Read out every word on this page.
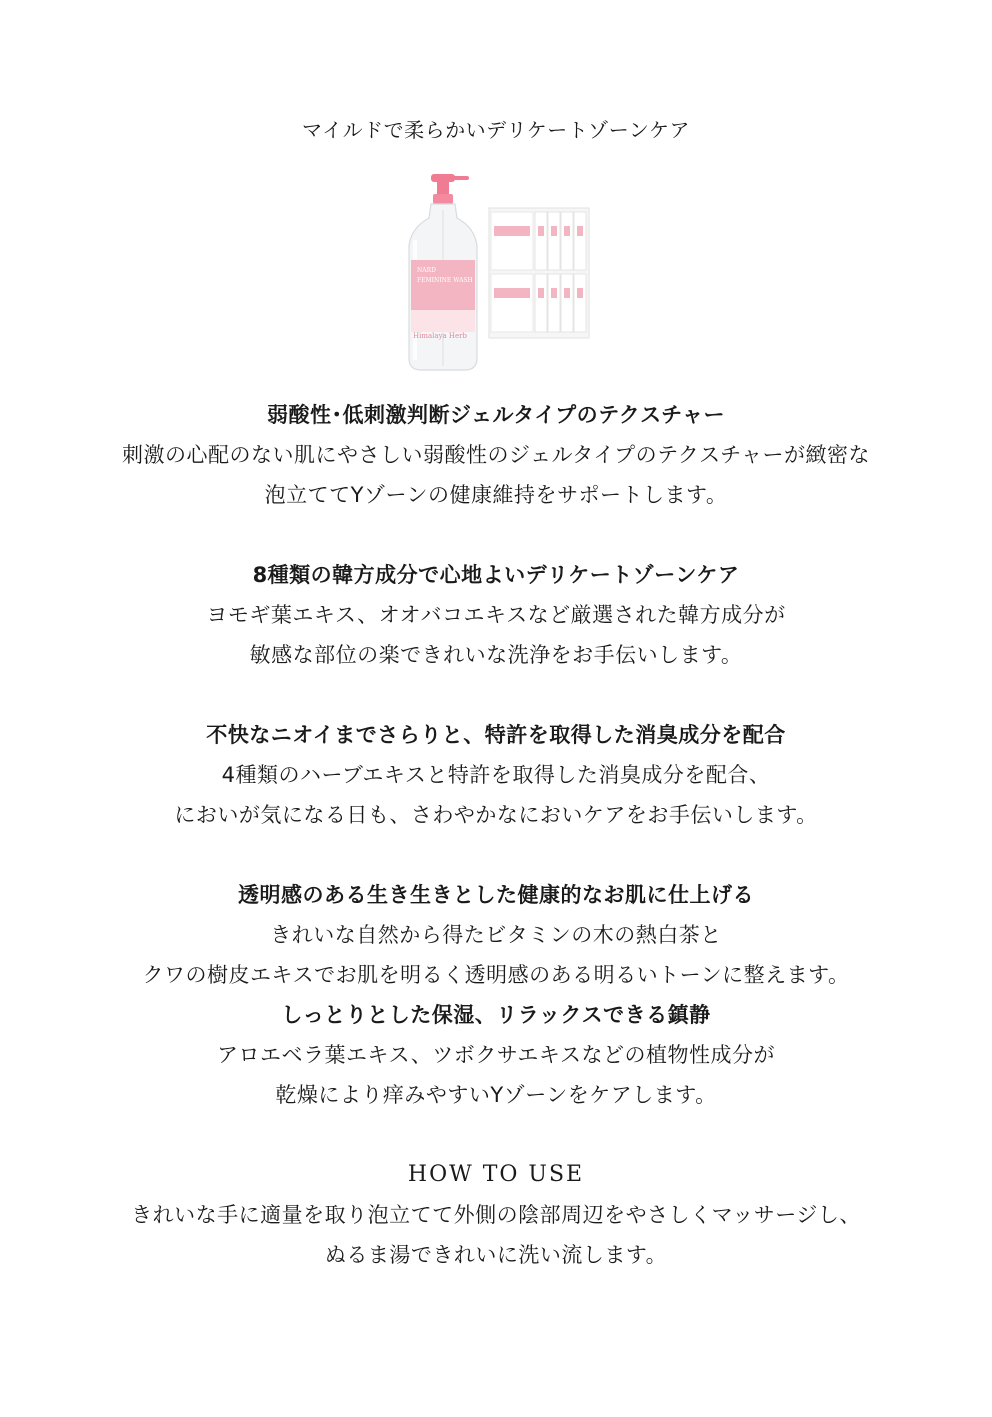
マイルドで柔らかいデリケートゾーンケア
NARD
FEMININE WASH
Himalaya Herb
弱酸性･低刺激判断ジェルタイプのテクスチャー
刺激の心配のない肌にやさしい弱酸性のジェルタイプのテクスチャーが緻密な
泡立ててYゾーンの健康維持をサポートします。
8種類の韓方成分で心地よいデリケートゾーンケア
ヨモギ葉エキス、オオバコエキスなど厳選された韓方成分が
敏感な部位の楽できれいな洗浄をお手伝いします。
不快なニオイまでさらりと、特許を取得した消臭成分を配合
4種類のハーブエキスと特許を取得した消臭成分を配合、
においが気になる日も、さわやかなにおいケアをお手伝いします。
透明感のある生き生きとした健康的なお肌に仕上げる
きれいな自然から得たビタミンの木の熱白茶と
クワの樹皮エキスでお肌を明るく透明感のある明るいトーンに整えます。
しっとりとした保湿、リラックスできる鎮静
アロエベラ葉エキス、ツボクサエキスなどの植物性成分が
乾燥により痒みやすいYゾーンをケアします。
HOW TO USE
きれいな手に適量を取り泡立てて外側の陰部周辺をやさしくマッサージし、
ぬるま湯できれいに洗い流します。
